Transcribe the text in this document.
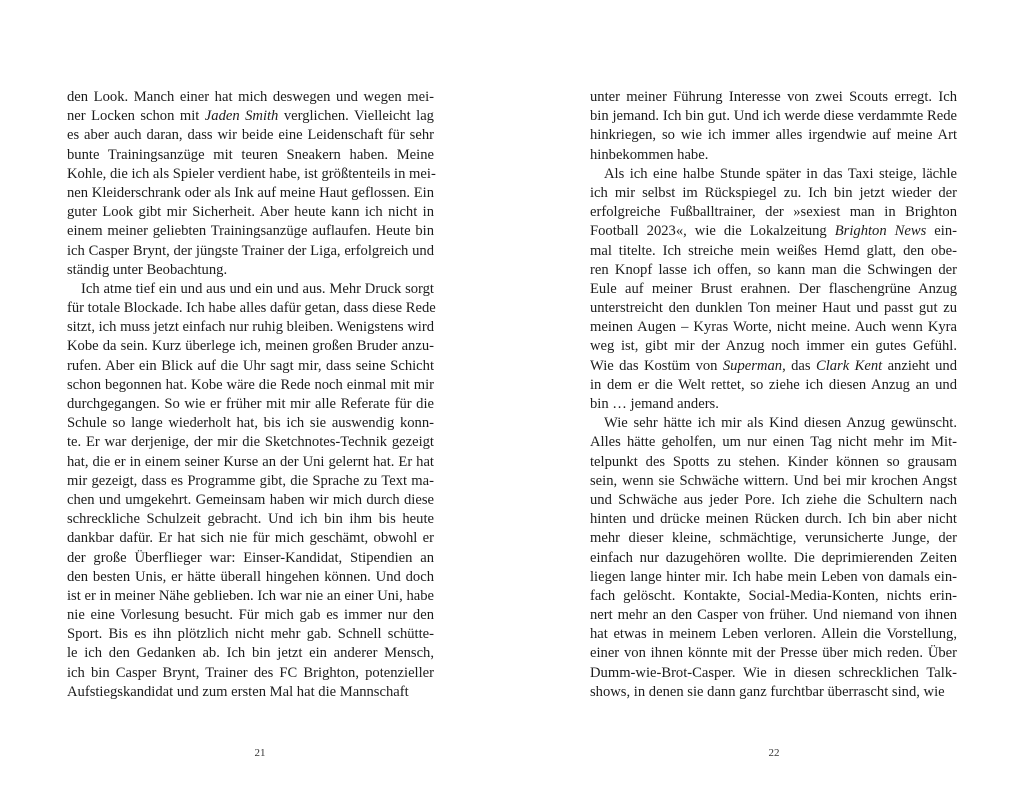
den Look. Manch einer hat mich deswegen und wegen mei-
ner Locken schon mit Jaden Smith verglichen. Vielleicht lag
es aber auch daran, dass wir beide eine Leidenschaft für sehr
bunte Trainingsanzüge mit teuren Sneakern haben. Meine
Kohle, die ich als Spieler verdient habe, ist größtenteils in mei-
nen Kleiderschrank oder als Ink auf meine Haut geflossen. Ein
guter Look gibt mir Sicherheit. Aber heute kann ich nicht in
einem meiner geliebten Trainingsanzüge auflaufen. Heute bin
ich Casper Brynt, der jüngste Trainer der Liga, erfolgreich und
ständig unter Beobachtung.
Ich atme tief ein und aus und ein und aus. Mehr Druck sorgt
für totale Blockade. Ich habe alles dafür getan, dass diese Rede
sitzt, ich muss jetzt einfach nur ruhig bleiben. Wenigstens wird
Kobe da sein. Kurz überlege ich, meinen großen Bruder anzu-
rufen. Aber ein Blick auf die Uhr sagt mir, dass seine Schicht
schon begonnen hat. Kobe wäre die Rede noch einmal mit mir
durchgegangen. So wie er früher mit mir alle Referate für die
Schule so lange wiederholt hat, bis ich sie auswendig konn-
te. Er war derjenige, der mir die Sketchnotes-Technik gezeigt
hat, die er in einem seiner Kurse an der Uni gelernt hat. Er hat
mir gezeigt, dass es Programme gibt, die Sprache zu Text ma-
chen und umgekehrt. Gemeinsam haben wir mich durch diese
schreckliche Schulzeit gebracht. Und ich bin ihm bis heute
dankbar dafür. Er hat sich nie für mich geschämt, obwohl er
der große Überflieger war: Einser-Kandidat, Stipendien an
den besten Unis, er hätte überall hingehen können. Und doch
ist er in meiner Nähe geblieben. Ich war nie an einer Uni, habe
nie eine Vorlesung besucht. Für mich gab es immer nur den
Sport. Bis es ihn plötzlich nicht mehr gab. Schnell schütte-
le ich den Gedanken ab. Ich bin jetzt ein anderer Mensch,
ich bin Casper Brynt, Trainer des FC Brighton, potenzieller
Aufstiegskandidat und zum ersten Mal hat die Mannschaft
unter meiner Führung Interesse von zwei Scouts erregt. Ich
bin jemand. Ich bin gut. Und ich werde diese verdammte Rede
hinkriegen, so wie ich immer alles irgendwie auf meine Art
hinbekommen habe.
Als ich eine halbe Stunde später in das Taxi steige, lächle
ich mir selbst im Rückspiegel zu. Ich bin jetzt wieder der
erfolgreiche Fußballtrainer, der »sexiest man in Brighton
Football 2023«, wie die Lokalzeitung Brighton News ein-
mal titelte. Ich streiche mein weißes Hemd glatt, den obe-
ren Knopf lasse ich offen, so kann man die Schwingen der
Eule auf meiner Brust erahnen. Der flaschengrüne Anzug
unterstreicht den dunklen Ton meiner Haut und passt gut zu
meinen Augen – Kyras Worte, nicht meine. Auch wenn Kyra
weg ist, gibt mir der Anzug noch immer ein gutes Gefühl.
Wie das Kostüm von Superman, das Clark Kent anzieht und
in dem er die Welt rettet, so ziehe ich diesen Anzug an und
bin … jemand anders.
Wie sehr hätte ich mir als Kind diesen Anzug gewünscht.
Alles hätte geholfen, um nur einen Tag nicht mehr im Mit-
telpunkt des Spotts zu stehen. Kinder können so grausam
sein, wenn sie Schwäche wittern. Und bei mir krochen Angst
und Schwäche aus jeder Pore. Ich ziehe die Schultern nach
hinten und drücke meinen Rücken durch. Ich bin aber nicht
mehr dieser kleine, schmächtige, verunsicherte Junge, der
einfach nur dazugehören wollte. Die deprimierenden Zeiten
liegen lange hinter mir. Ich habe mein Leben von damals ein-
fach gelöscht. Kontakte, Social-Media-Konten, nichts erin-
nert mehr an den Casper von früher. Und niemand von ihnen
hat etwas in meinem Leben verloren. Allein die Vorstellung,
einer von ihnen könnte mit der Presse über mich reden. Über
Dumm-wie-Brot-Casper. Wie in diesen schrecklichen Talk-
shows, in denen sie dann ganz furchtbar überrascht sind, wie
21	22
